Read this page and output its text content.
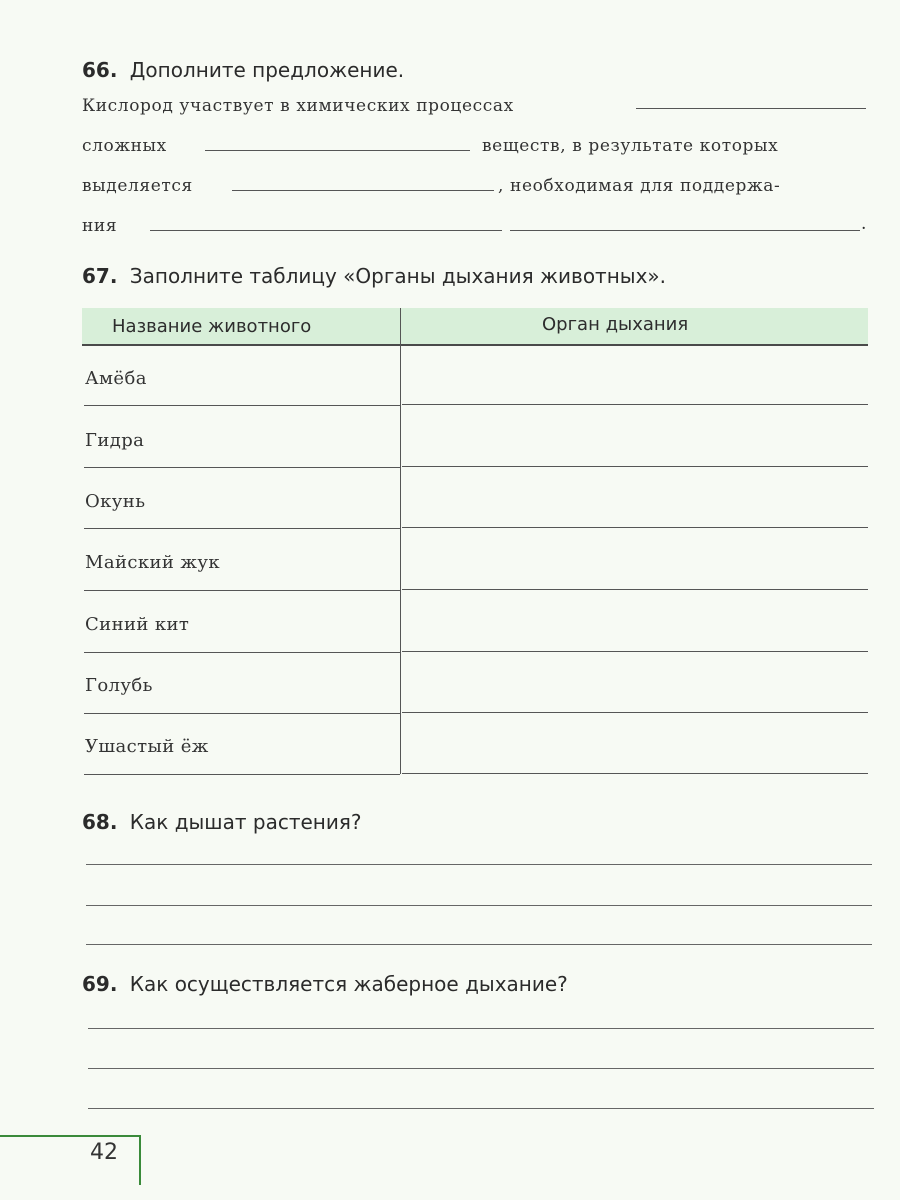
66. Дополните предложение.
Кислород участвует в химических процессах
сложных	веществ, в результате которых
выделяется	, необходимая для поддержа-
ния	.
67. Заполните таблицу «Органы дыхания животных».
Название животного	Орган дыхания
Амёба
Гидра
Окунь
Майский жук
Синий кит
Голубь
Ушастый ёж
68. Как дышат растения?
69. Как осуществляется жаберное дыхание?
42
